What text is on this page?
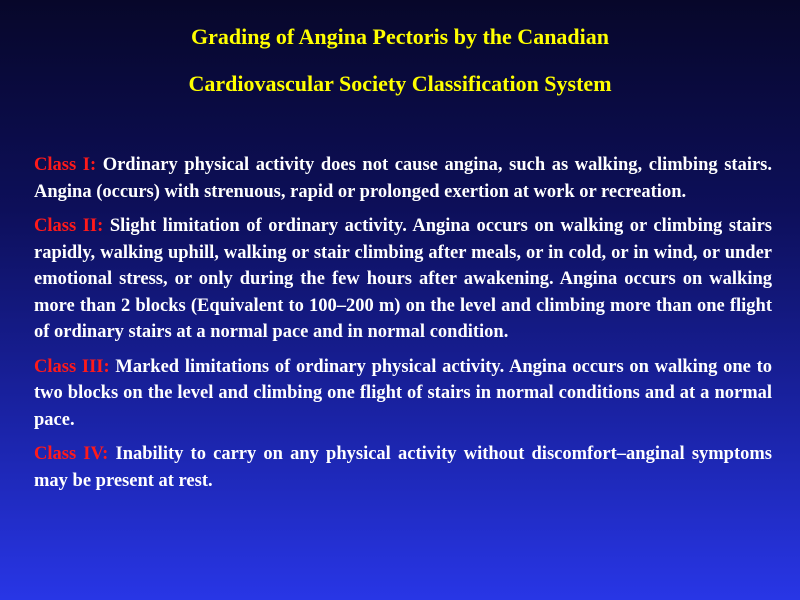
Grading of Angina Pectoris by the Canadian
Cardiovascular Society Classification System

Class I: Ordinary physical activity does not cause angina, such as walking, climbing stairs. Angina (occurs) with strenuous, rapid or prolonged exertion at work or recreation.

Class II: Slight limitation of ordinary activity. Angina occurs on walking or climbing stairs rapidly, walking uphill, walking or stair climbing after meals, or in cold, or in wind, or under emotional stress, or only during the few hours after awakening. Angina occurs on walking more than 2 blocks (Equivalent to 100–200 m) on the level and climbing more than one flight of ordinary stairs at a normal pace and in normal condition.

Class III: Marked limitations of ordinary physical activity. Angina occurs on walking one to two blocks on the level and climbing one flight of stairs in normal conditions and at a normal pace.

Class IV: Inability to carry on any physical activity without discomfort–anginal symptoms may be present at rest.
